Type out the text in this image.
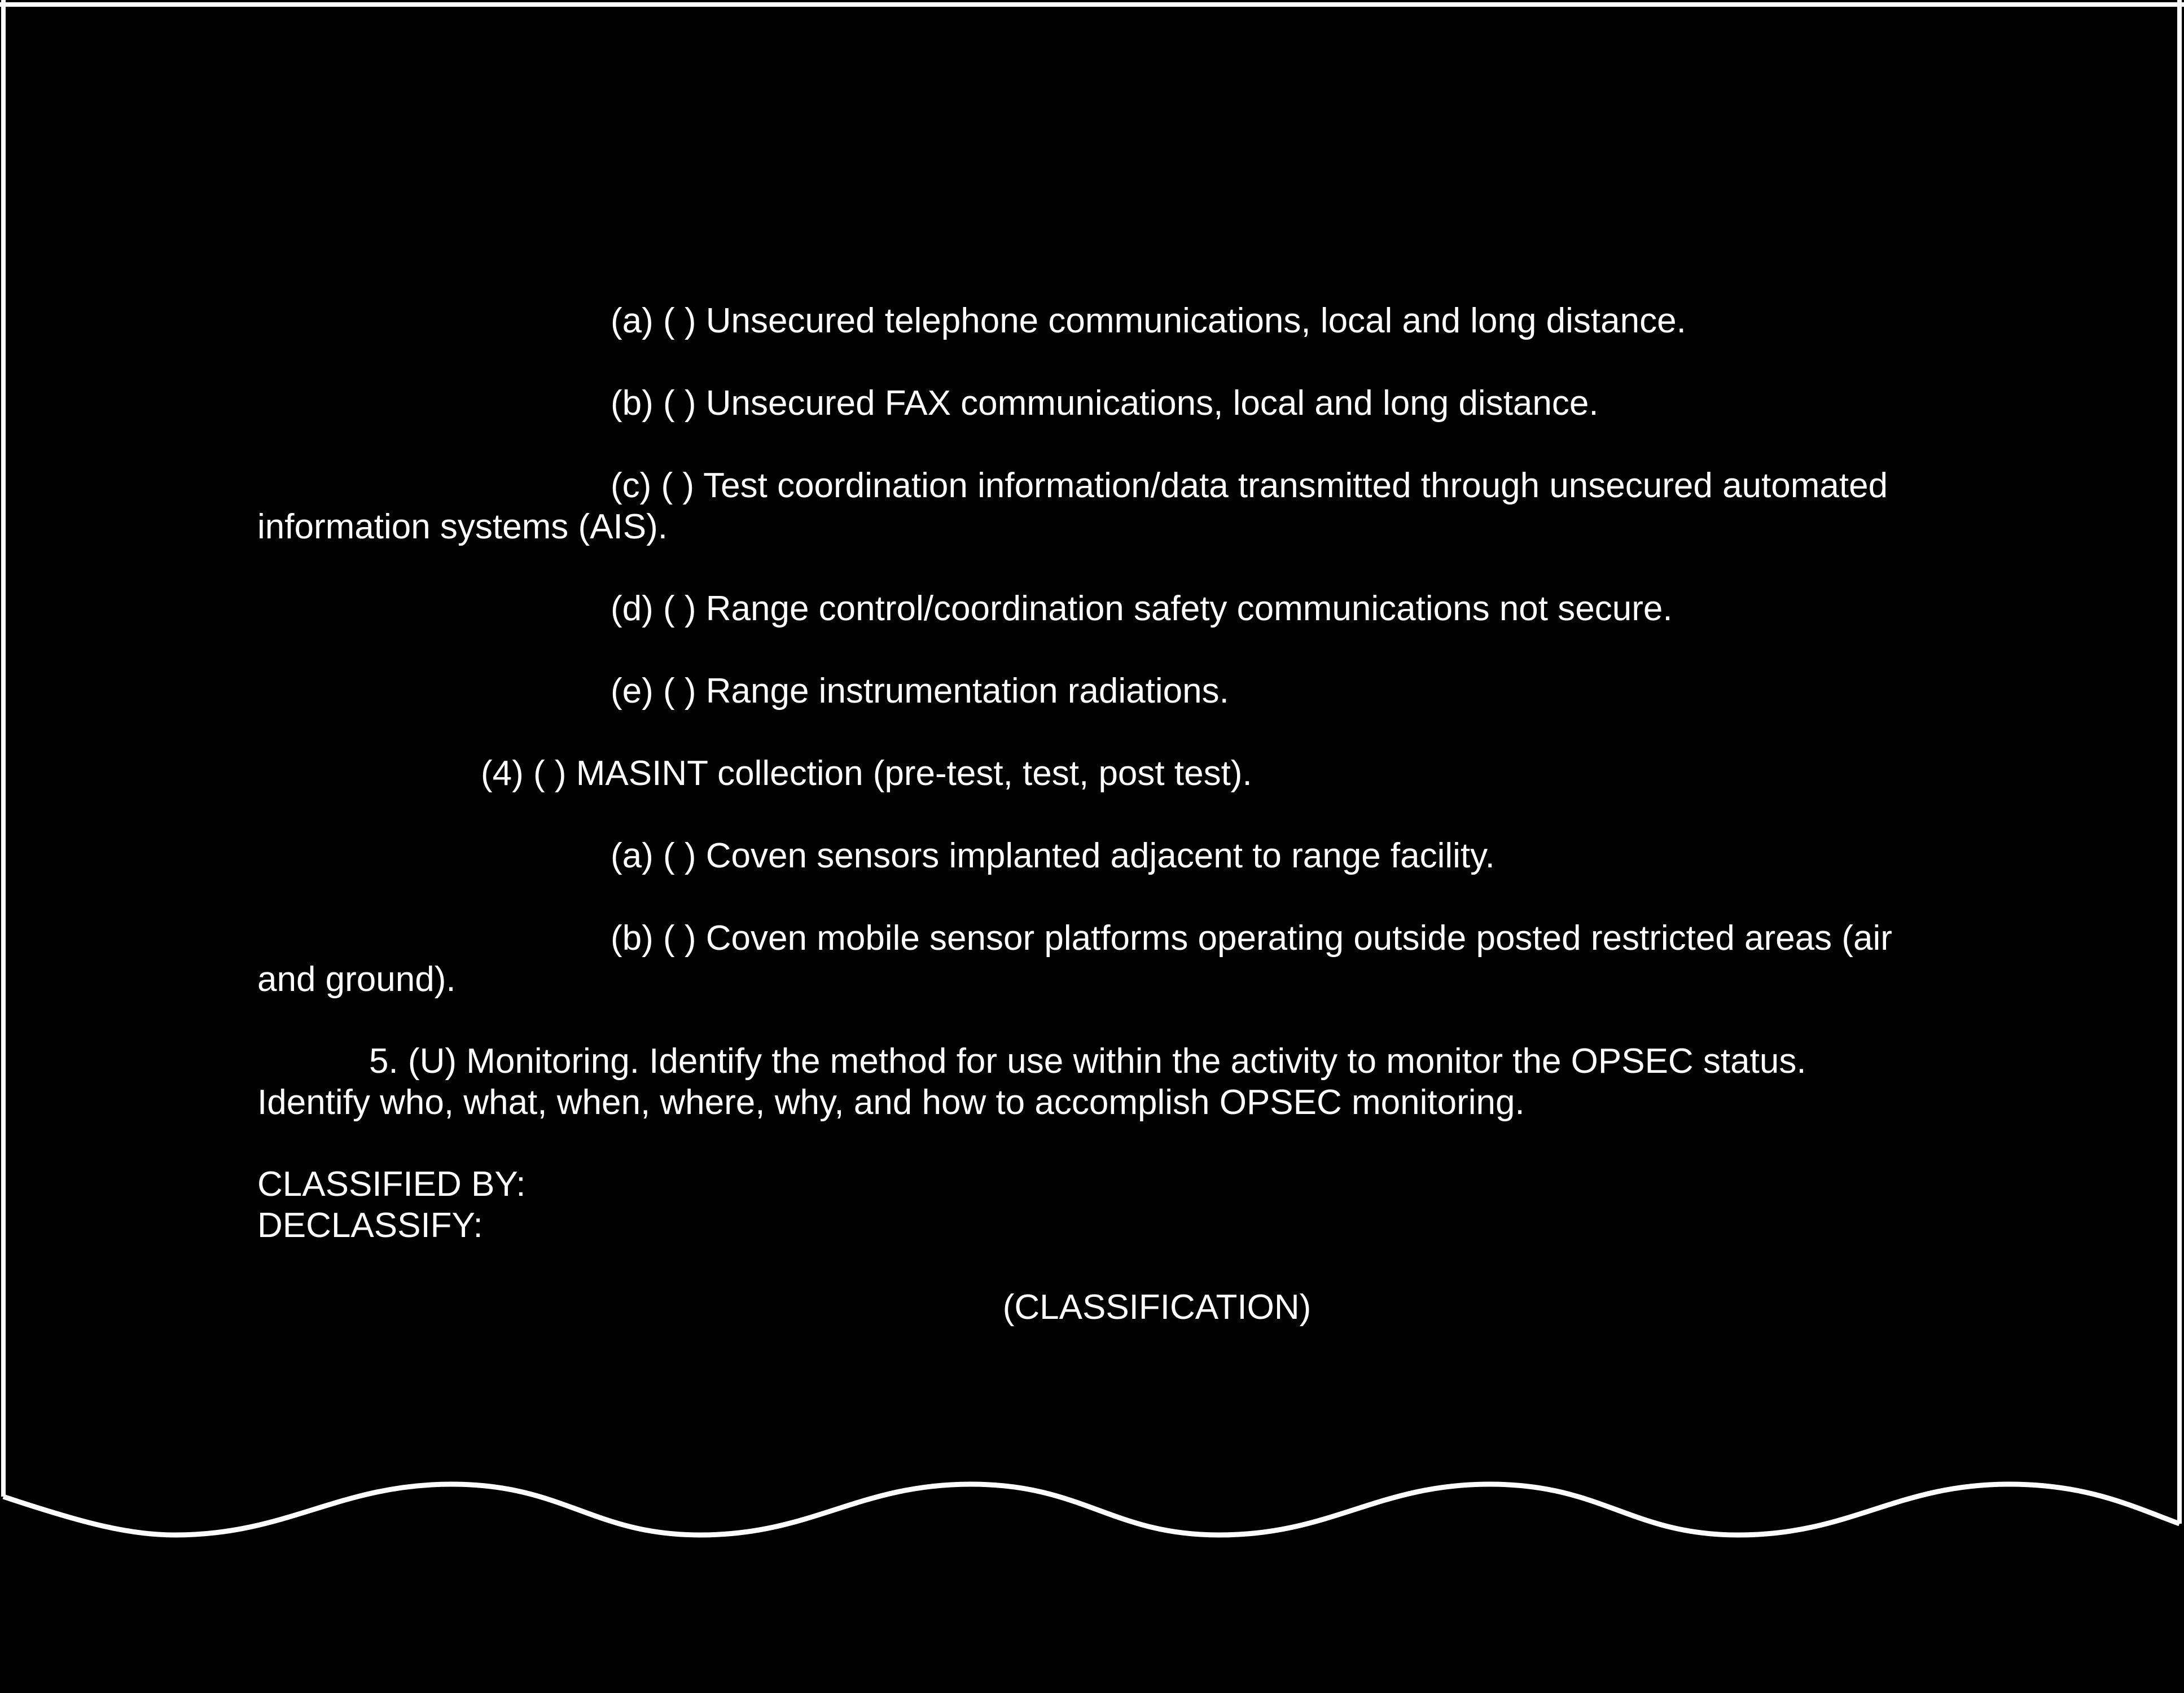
(a) ( ) Unsecured telephone communications, local and long distance.
(b) ( ) Unsecured FAX communications, local and long distance.
(c) ( ) Test coordination information/data transmitted through unsecured automated
information systems (AIS).
(d) ( ) Range control/coordination safety communications not secure.
(e) ( ) Range instrumentation radiations.
(4) ( ) MASINT collection (pre-test, test, post test).
(a) ( ) Coven sensors implanted adjacent to range facility.
(b) ( ) Coven mobile sensor platforms operating outside posted restricted areas (air
and ground).
5. (U) Monitoring. Identify the method for use within the activity to monitor the OPSEC status.
Identify who, what, when, where, why, and how to accomplish OPSEC monitoring.
CLASSIFIED BY:
DECLASSIFY:
(CLASSIFICATION)
